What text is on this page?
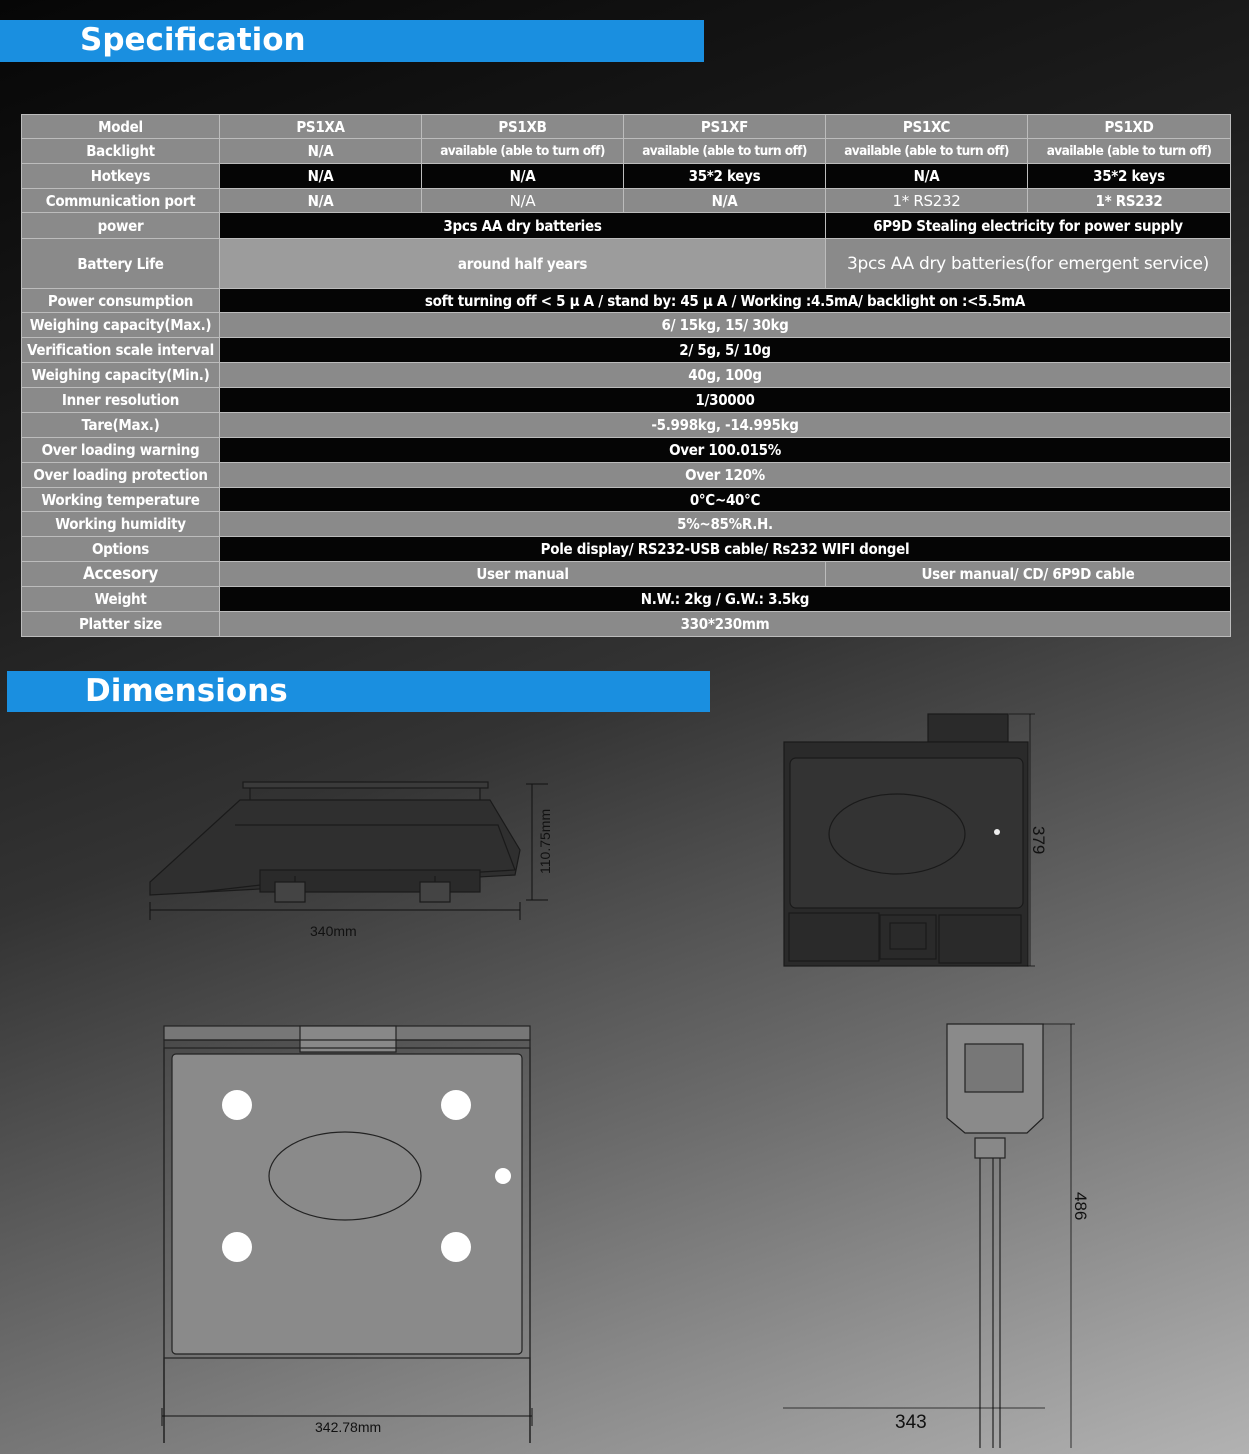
Specification
Model	PS1XA	PS1XB	PS1XF	PS1XC	PS1XD
Backlight	N/A	available (able to turn off)	available (able to turn off)	available (able to turn off)	available (able to turn off)
Hotkeys	N/A	N/A	35*2 keys	N/A	35*2 keys
Communication port	N/A	N/A	N/A	1* RS232	1* RS232
power	3pcs AA dry batteries			6P9D Stealing electricity for power supply	
Battery Life	around half years			3pcs AA dry batteries(for emergent service)	
Power consumption	soft turning off < 5 μ A / stand by: 45 μ A / Working :4.5mA/ backlight on :<5.5mA				
Weighing capacity(Max.)	6/ 15kg, 15/ 30kg				
Verification scale interval	2/ 5g, 5/ 10g				
Weighing capacity(Min.)	40g, 100g				
Inner resolution	1/30000				
Tare(Max.)	-5.998kg, -14.995kg				
Over loading warning	Over 100.015%				
Over loading protection	Over 120%				
Working temperature	0℃~40℃				
Working humidity	5%~85%R.H.				
Options	Pole display/ RS232-USB cable/ Rs232 WIFI dongel				
Accesory	User manual			User manual/ CD/ 6P9D cable	
Weight	N.W.: 2kg / G.W.: 3.5kg				
Platter size	330*230mm				
Dimensions
340mm
110.75mm	379
342.78mm
486
343
